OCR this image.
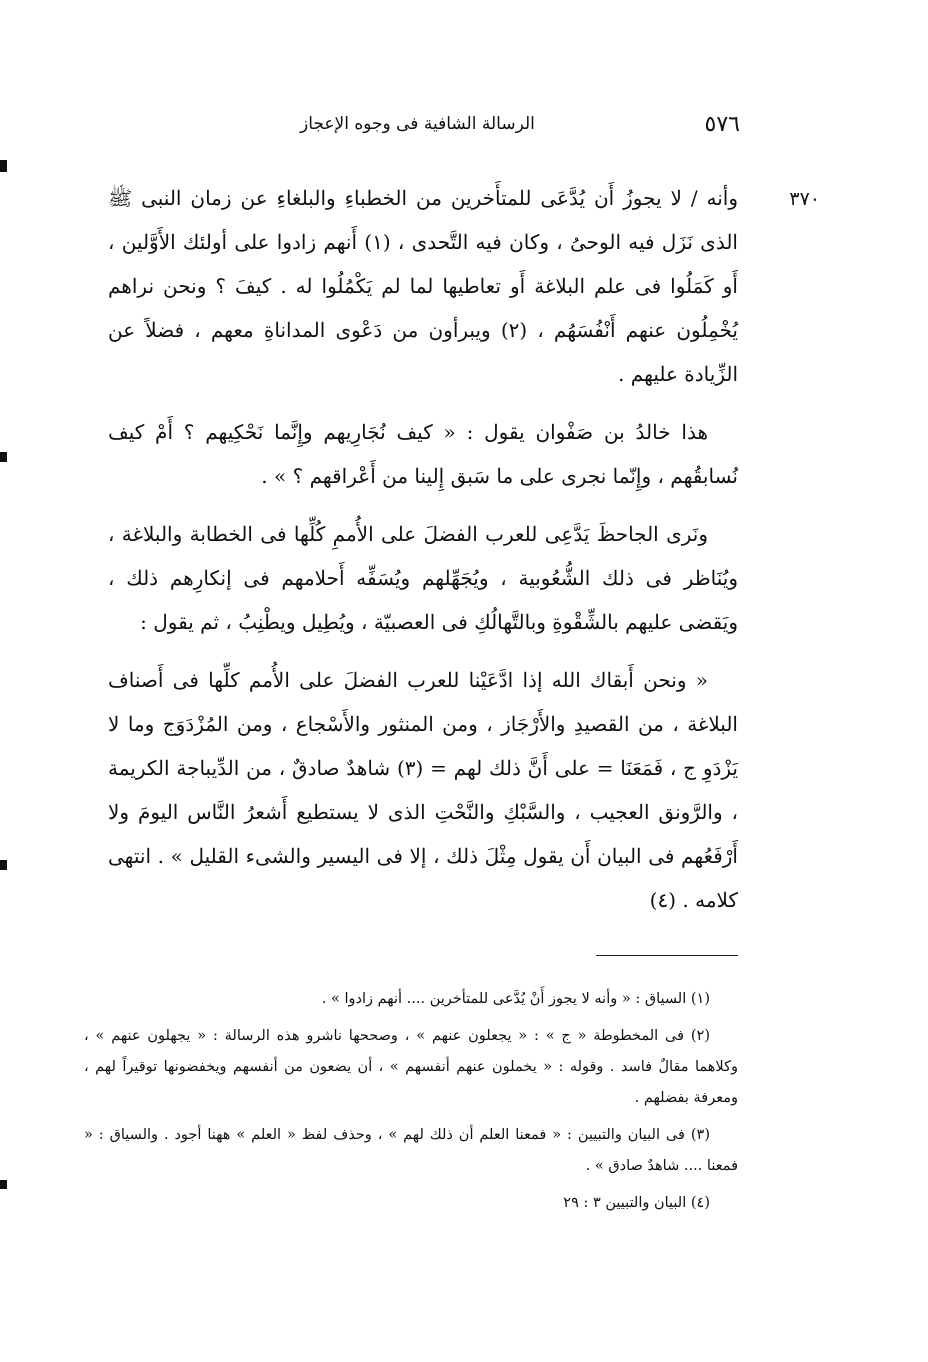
الرسالة الشافية فى وجوه الإعجاز	٥٧٦
٣٧٠

وأنه / لا يجوزُ أَن يُدَّعَى للمتأَخرين من الخطباءِ والبلغاءِ عن زمان النبى ﷺ الذى نَزَل فيه الوحىُ ، وكان فيه التَّحدى ، (١) أَنهم زادوا على أولئك الأَوَّلين ، أَو كَمَلُوا فى علم البلاغة أَو تعاطيها لما لم يَكْمُلُوا له . كيفَ ؟ ونحن نراهم يُخْمِلُون عنهم أَنْفُسَهُم ، (٢) ويبرأون من دَعْوى المداناةِ معهم ، فضلاً عن الزِّيادة عليهم .

هذا خالدُ بن صَفْوان يقول : « كيف نُجَارِيهم وإِنَّما نَحْكِيهم ؟ أَمْ كيف نُسابقُهم ، وإِنّما نجرى على ما سَبق إِلينا من أَعْراقهم ؟ » .

ونَرى الجاحظَ يَدَّعِى للعرب الفضلَ على الأُممِ كُلِّها فى الخطابة والبلاغة ، ويُنَاظر فى ذلك الشُّعُوبية ، ويُجَهِّلهم ويُسَفِّه أَحلامهم فى إنكارِهم ذلك ، ويَقضى عليهم بالشِّقْوةِ وبالتَّهالُكِ فى العصبيّة ، ويُطِيل ويطْنِبُ ، ثم يقول :

« ونحن أَبقاك الله إذا ادَّعَيْنا للعرب الفضلَ على الأُمم كلِّها فى أَصناف البلاغة ، من القصيدِ والأَرْجَاز ، ومن المنثور والأَسْجاع ، ومن المُزْدَوَج وما لا يَزْدَوِ ج ، فَمَعَنَا = على أَنَّ ذلك لهم = (٣) شاهدٌ صادقٌ ، من الدِّيباجة الكريمة ، والرَّونق العجيب ، والسَّبْكِ والنَّحْتِ الذى لا يستطيع أَشعرُ النَّاس اليومَ ولا أَرْفَعُهم فى البيان أَن يقول مِثْلَ ذلك ، إلا فى اليسير والشىء القليل » . انتهى كلامه . (٤)

(١) السياق : « وأنه لا يجوز أَنْ يُدَّعى للمتأخرين .... أنهم زادوا » .

(٢) فى المخطوطة « ج » : « يجعلون عنهم » ، وصححها ناشرو هذه الرسالة : « يجهلون عنهم » ، وكلاهما مقالٌ فاسد . وقوله : « يخملون عنهم أنفسهم » ، أن يضعون من أنفسهم ويخفضونها توقيراً لهم ، ومعرفة بفضلهم .

(٣) فى البيان والتبيين : « فمعنا العلم أن ذلك لهم » ، وحذف لفظ « العلم » ههنا أجود . والسياق : « فمعنا .... شاهدٌ صادق » .

(٤) البيان والتبيين ٣ : ٢٩
